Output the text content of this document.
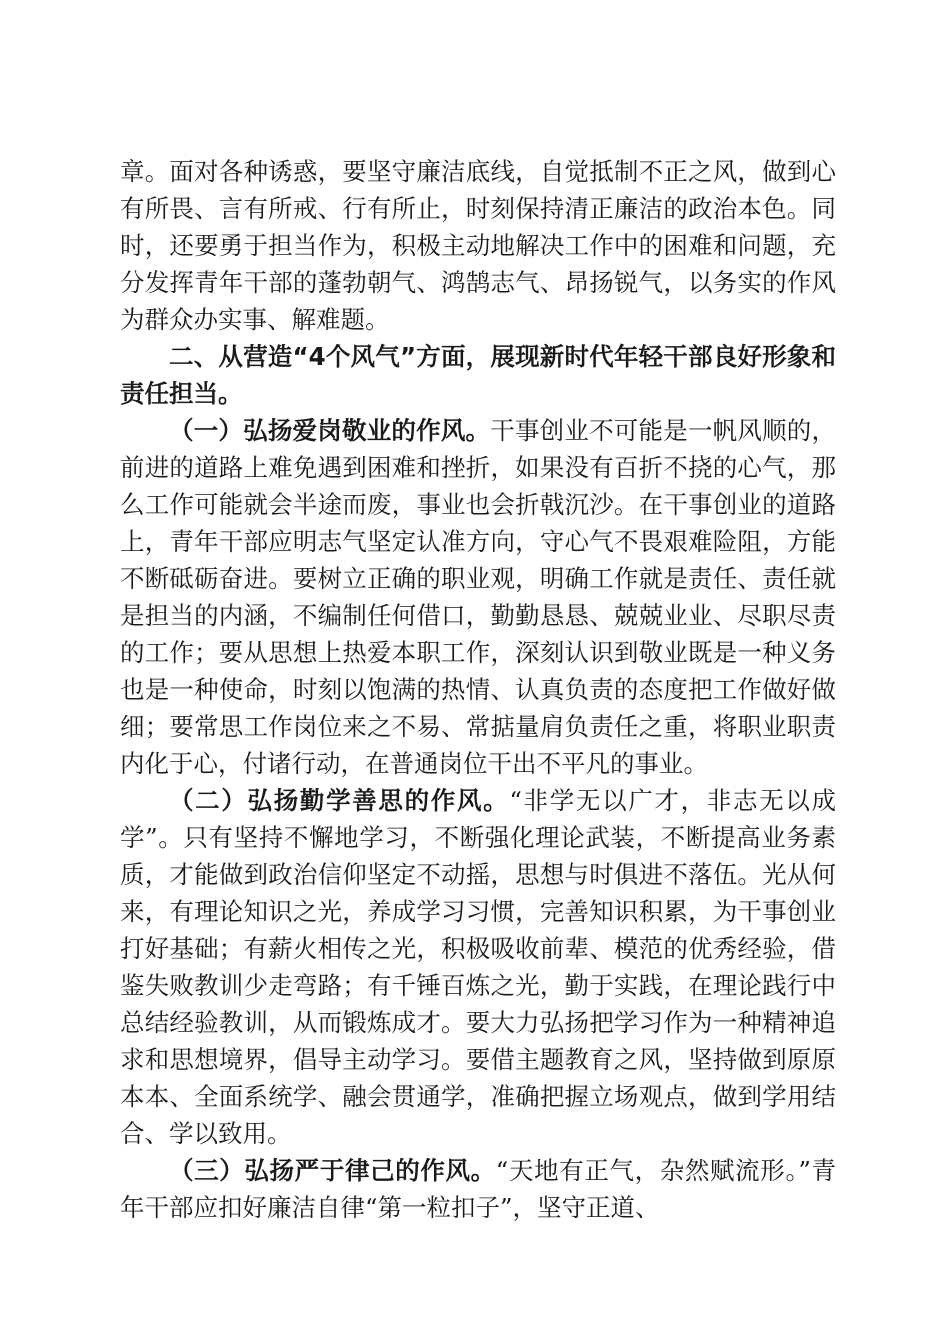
章。面对各种诱惑，要坚守廉洁底线，自觉抵制不正之风，做到心有所畏、言有所戒、行有所止，时刻保持清正廉洁的政治本色。同时，还要勇于担当作为，积极主动地解决工作中的困难和问题，充分发挥青年干部的蓬勃朝气、鸿鹄志气、昂扬锐气，以务实的作风为群众办实事、解难题。

二、从营造“4个风气”方面，展现新时代年轻干部良好形象和责任担当。

（一）弘扬爱岗敬业的作风。干事创业不可能是一帆风顺的，前进的道路上难免遇到困难和挫折，如果没有百折不挠的心气，那么工作可能就会半途而废，事业也会折戟沉沙。在干事创业的道路上，青年干部应明志气坚定认准方向，守心气不畏艰难险阻，方能不断砥砺奋进。要树立正确的职业观，明确工作就是责任、责任就是担当的内涵，不编制任何借口，勤勤恳恳、兢兢业业、尽职尽责的工作；要从思想上热爱本职工作，深刻认识到敬业既是一种义务也是一种使命，时刻以饱满的热情、认真负责的态度把工作做好做细；要常思工作岗位来之不易、常掂量肩负责任之重，将职业职责内化于心，付诸行动，在普通岗位干出不平凡的事业。

（二）弘扬勤学善思的作风。“非学无以广才，非志无以成学”。只有坚持不懈地学习，不断强化理论武装，不断提高业务素质，才能做到政治信仰坚定不动摇，思想与时俱进不落伍。光从何来，有理论知识之光，养成学习习惯，完善知识积累，为干事创业打好基础；有薪火相传之光，积极吸收前辈、模范的优秀经验，借鉴失败教训少走弯路；有千锤百炼之光，勤于实践，在理论践行中总结经验教训，从而锻炼成才。要大力弘扬把学习作为一种精神追求和思想境界，倡导主动学习。要借主题教育之风，坚持做到原原本本、全面系统学、融会贯通学，准确把握立场观点，做到学用结合、学以致用。

（三）弘扬严于律己的作风。“天地有正气，杂然赋流形。”青年干部应扣好廉洁自律“第一粒扣子”，坚守正道、
